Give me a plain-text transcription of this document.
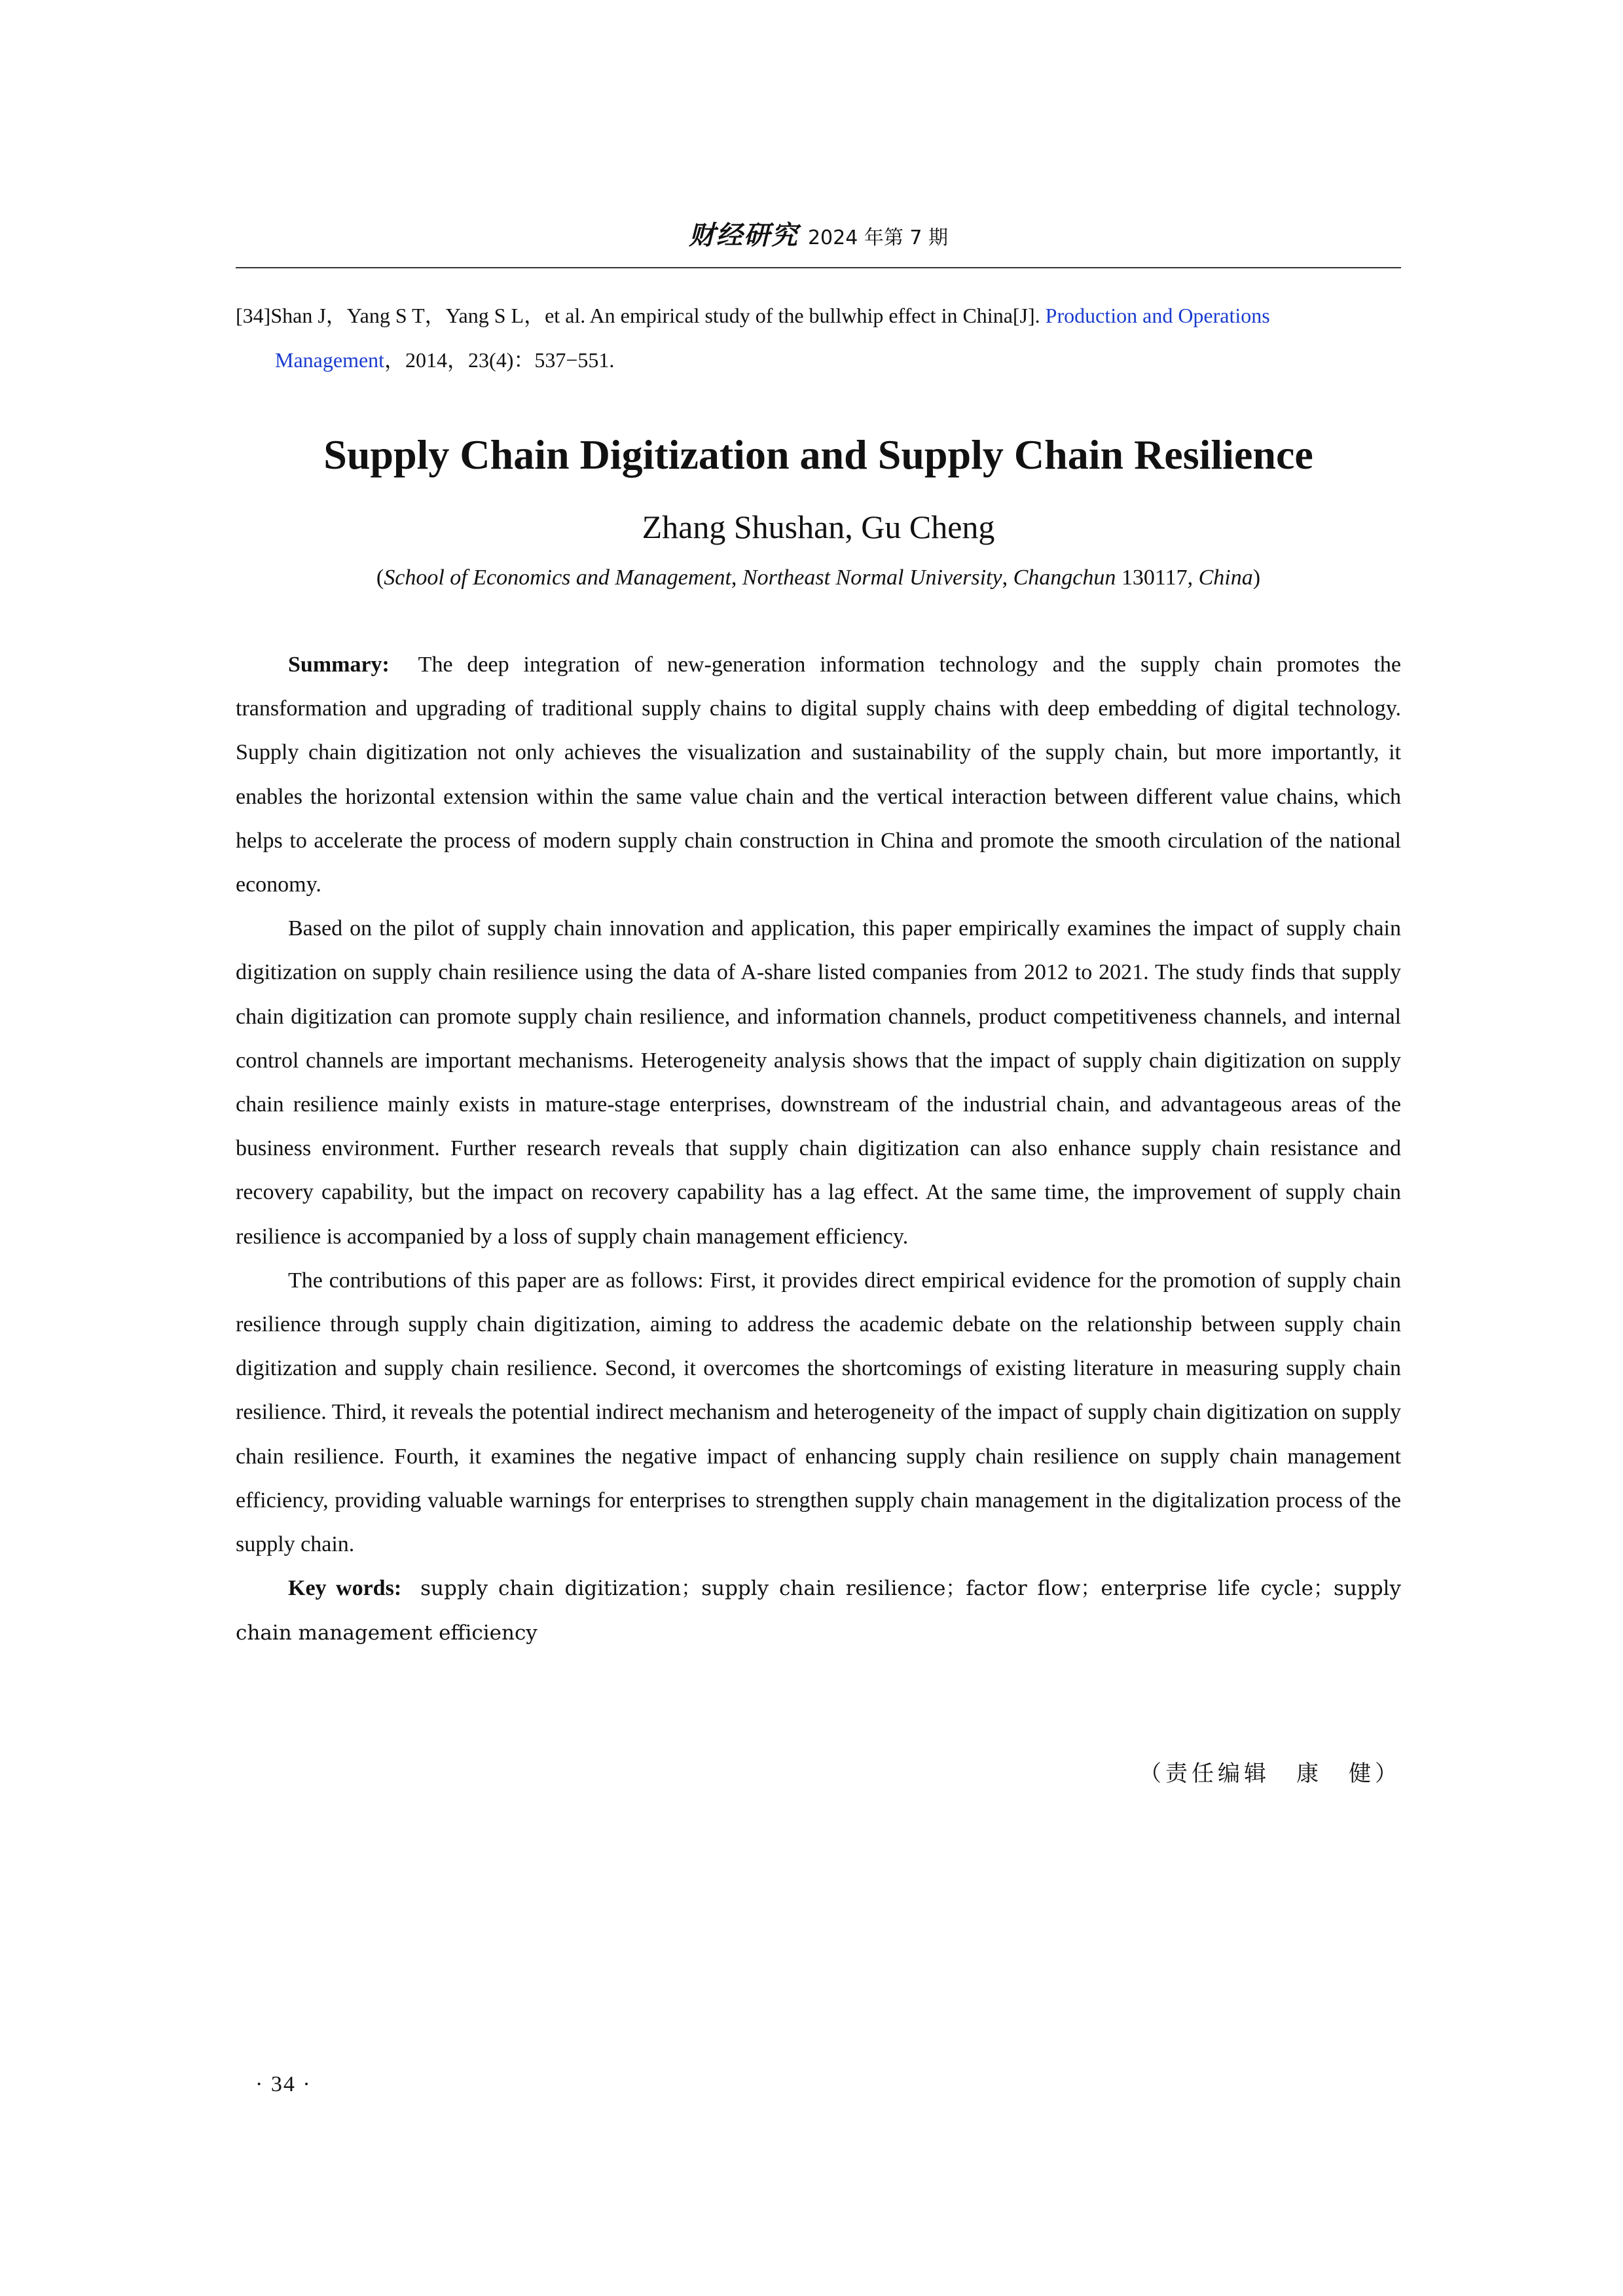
财经研究 2024 年第 7 期
[34]Shan J，Yang S T，Yang S L，et al. An empirical study of the bullwhip effect in China[J]. Production and Operations
Management，2014，23(4)：537−551.
Supply Chain Digitization and Supply Chain Resilience
Zhang Shushan, Gu Cheng
(School of Economics and Management, Northeast Normal University, Changchun 130117, China)

Summary: The deep integration of new-generation information technology and the supply chain promotes the transformation and upgrading of traditional supply chains to digital supply chains with deep embedding of digital technology. Supply chain digitization not only achieves the visualization and sustainability of the supply chain, but more importantly, it enables the horizontal extension within the same value chain and the vertical interaction between different value chains, which helps to accelerate the process of modern supply chain construction in China and promote the smooth circulation of the national economy.

Based on the pilot of supply chain innovation and application, this paper empirically examines the impact of supply chain digitization on supply chain resilience using the data of A-share listed companies from 2012 to 2021. The study finds that supply chain digitization can promote supply chain resilience, and information channels, product competitiveness channels, and internal control channels are important mechanisms. Heterogeneity analysis shows that the impact of supply chain digitization on supply chain resilience mainly exists in mature-stage enterprises, downstream of the industrial chain, and advantageous areas of the business environment. Further research reveals that supply chain digitization can also enhance supply chain resistance and recovery capability, but the impact on recovery capability has a lag effect. At the same time, the improvement of supply chain resilience is accompanied by a loss of supply chain management efficiency.

The contributions of this paper are as follows: First, it provides direct empirical evidence for the promotion of supply chain resilience through supply chain digitization, aiming to address the academic debate on the relationship between supply chain digitization and supply chain resilience. Second, it overcomes the shortcomings of existing literature in measuring supply chain resilience. Third, it reveals the potential indirect mechanism and heterogeneity of the impact of supply chain digitization on supply chain resilience. Fourth, it examines the negative impact of enhancing supply chain resilience on supply chain management efficiency, providing valuable warnings for enterprises to strengthen supply chain management in the digitalization process of the supply chain.

Key words: supply chain digitization；supply chain resilience；factor flow；enterprise life cycle；supply chain management efficiency

（责任编辑　康　健）
· 34 ·
